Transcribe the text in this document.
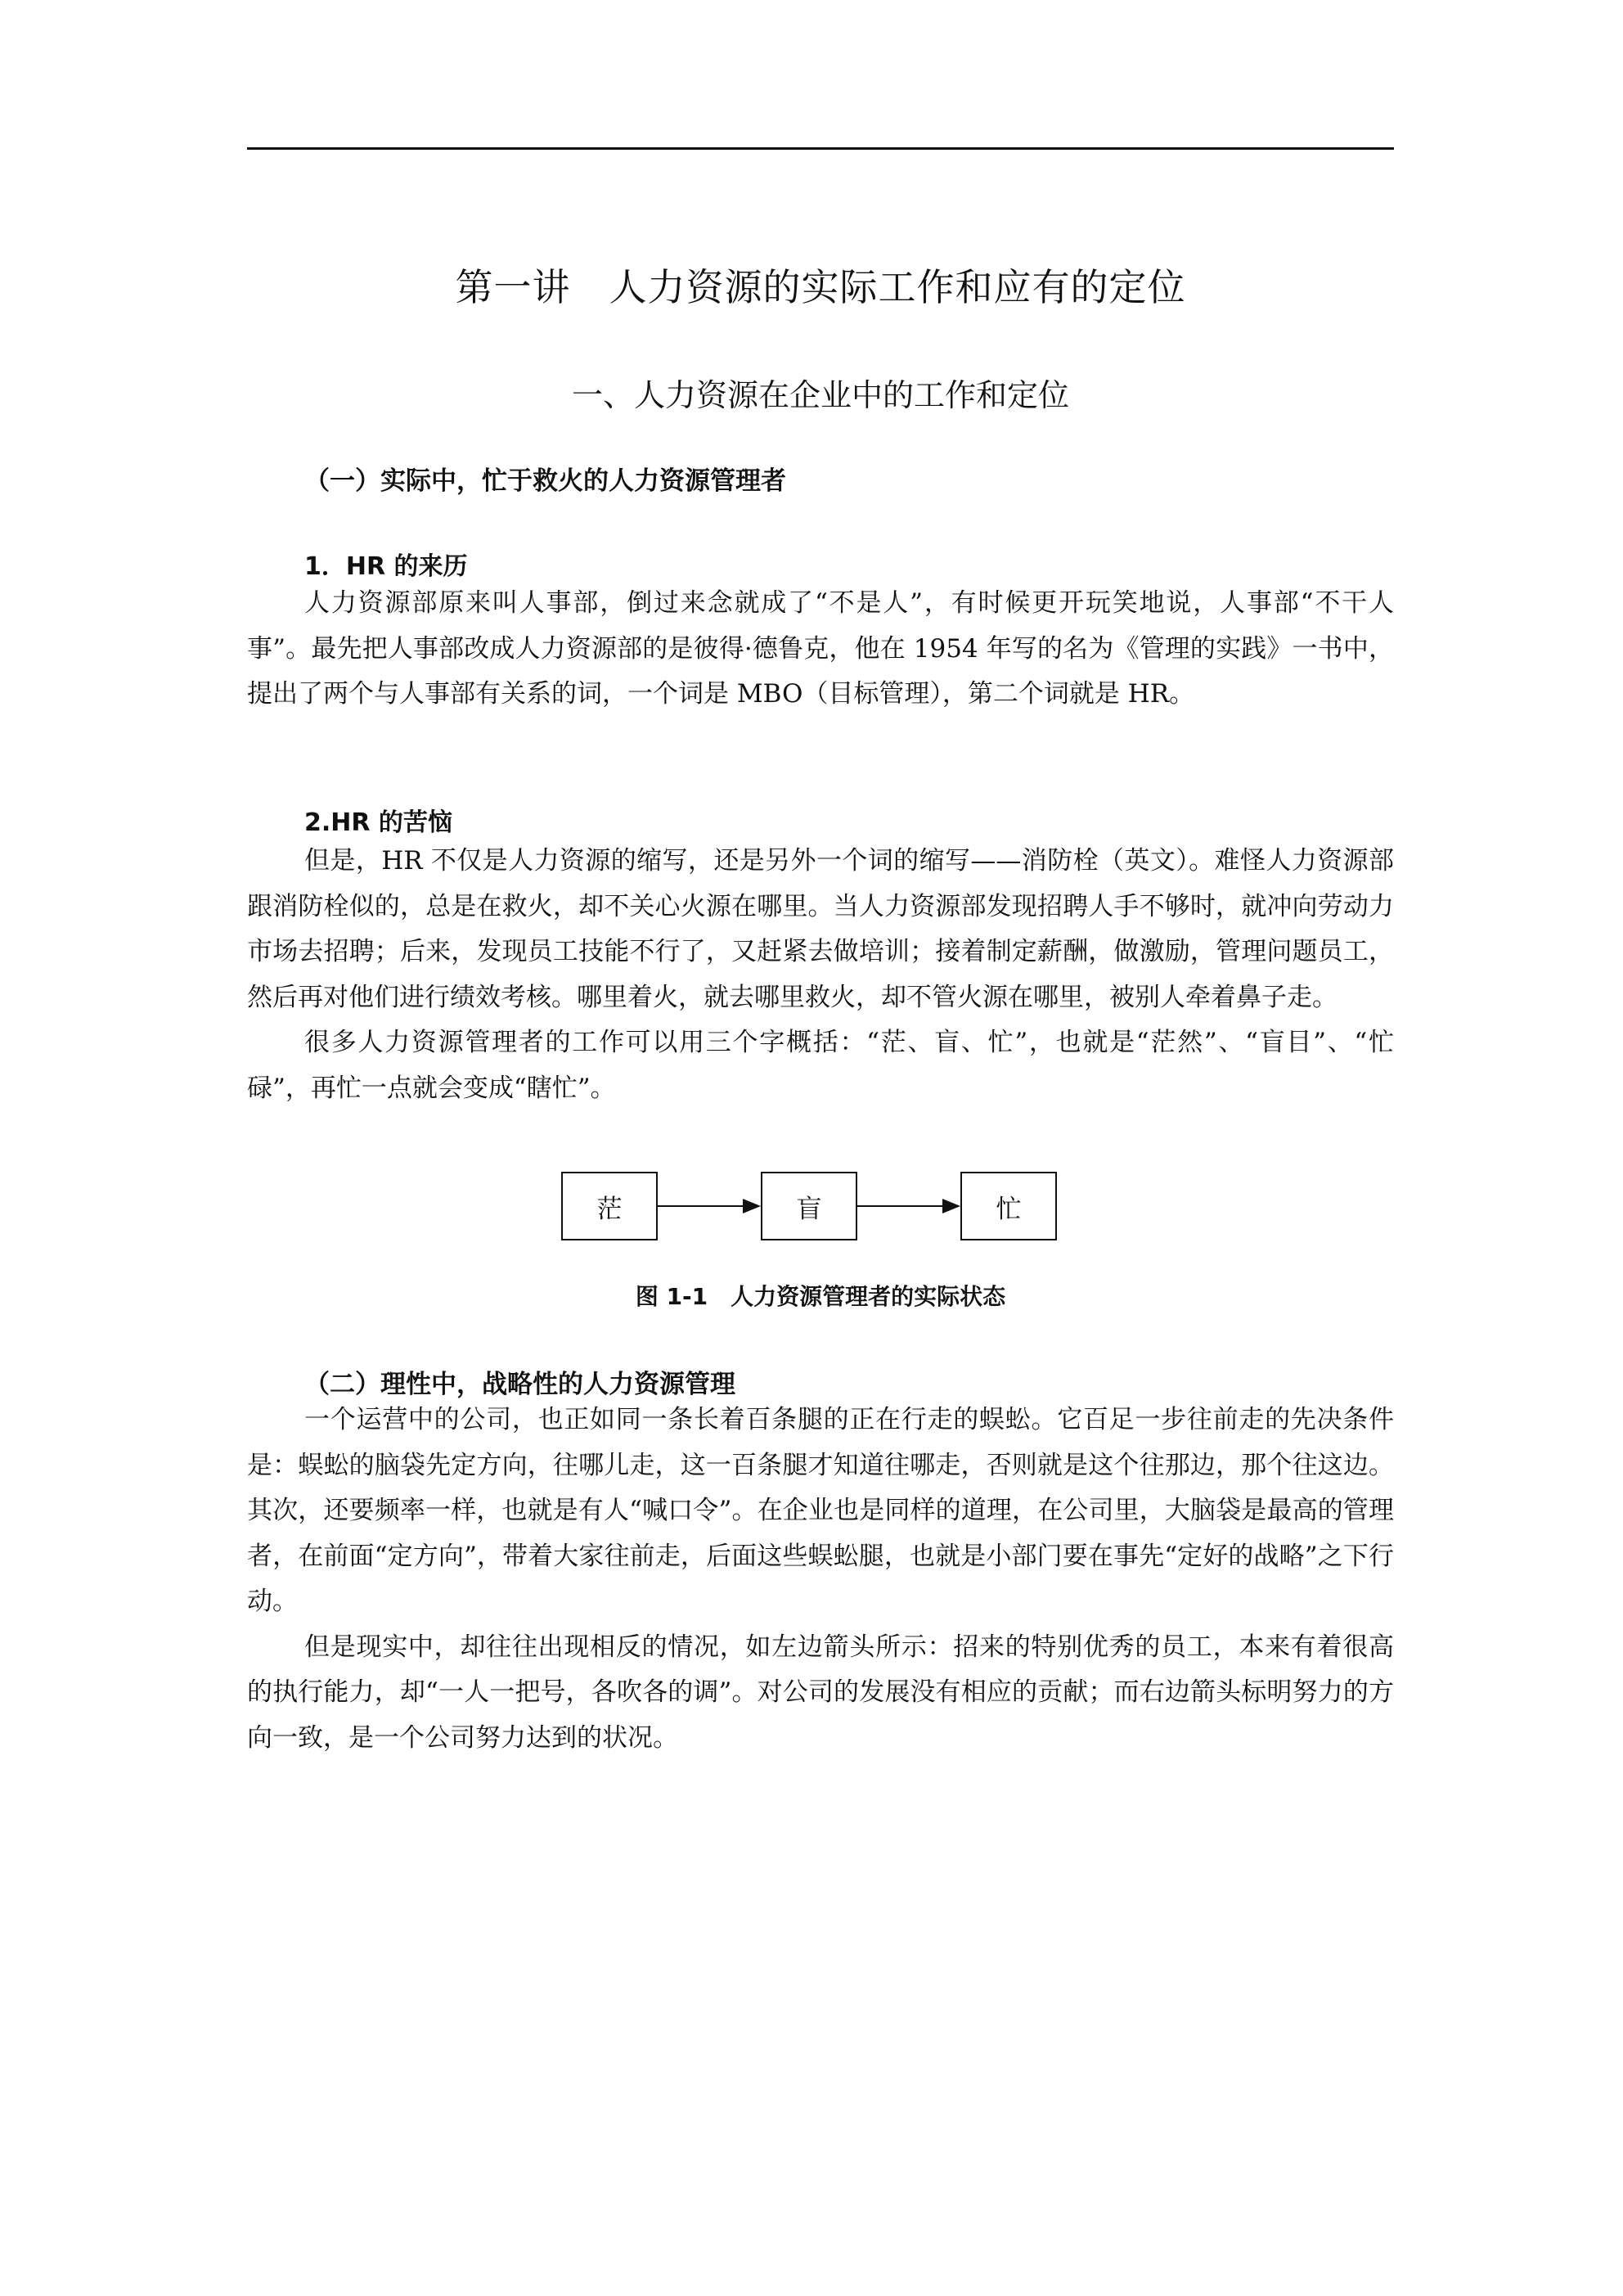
第一讲　人力资源的实际工作和应有的定位
一、人力资源在企业中的工作和定位
（一）实际中，忙于救火的人力资源管理者
1．HR 的来历

人力资源部原来叫人事部，倒过来念就成了“不是人”，有时候更开玩笑地说，人事部“不干人事”。最先把人事部改成人力资源部的是彼得·德鲁克，他在 1954 年写的名为《管理的实践》一书中，提出了两个与人事部有关系的词，一个词是 MBO（目标管理），第二个词就是 HR。

2.HR 的苦恼

但是，HR 不仅是人力资源的缩写，还是另外一个词的缩写——消防栓（英文）。难怪人力资源部跟消防栓似的，总是在救火，却不关心火源在哪里。当人力资源部发现招聘人手不够时，就冲向劳动力市场去招聘；后来，发现员工技能不行了，又赶紧去做培训；接着制定薪酬，做激励，管理问题员工，然后再对他们进行绩效考核。哪里着火，就去哪里救火，却不管火源在哪里，被别人牵着鼻子走。

很多人力资源管理者的工作可以用三个字概括：“茫、盲、忙”，也就是“茫然”、“盲目”、“忙碌”，再忙一点就会变成“瞎忙”。

茫	盲	忙
图 1-1　人力资源管理者的实际状态
（二）理性中，战略性的人力资源管理

一个运营中的公司，也正如同一条长着百条腿的正在行走的蜈蚣。它百足一步往前走的先决条件是：蜈蚣的脑袋先定方向，往哪儿走，这一百条腿才知道往哪走，否则就是这个往那边，那个往这边。其次，还要频率一样，也就是有人“喊口令”。在企业也是同样的道理，在公司里，大脑袋是最高的管理者，在前面“定方向”，带着大家往前走，后面这些蜈蚣腿，也就是小部门要在事先“定好的战略”之下行动。

但是现实中，却往往出现相反的情况，如左边箭头所示：招来的特别优秀的员工，本来有着很高的执行能力，却“一人一把号，各吹各的调”。对公司的发展没有相应的贡献；而右边箭头标明努力的方向一致，是一个公司努力达到的状况。
